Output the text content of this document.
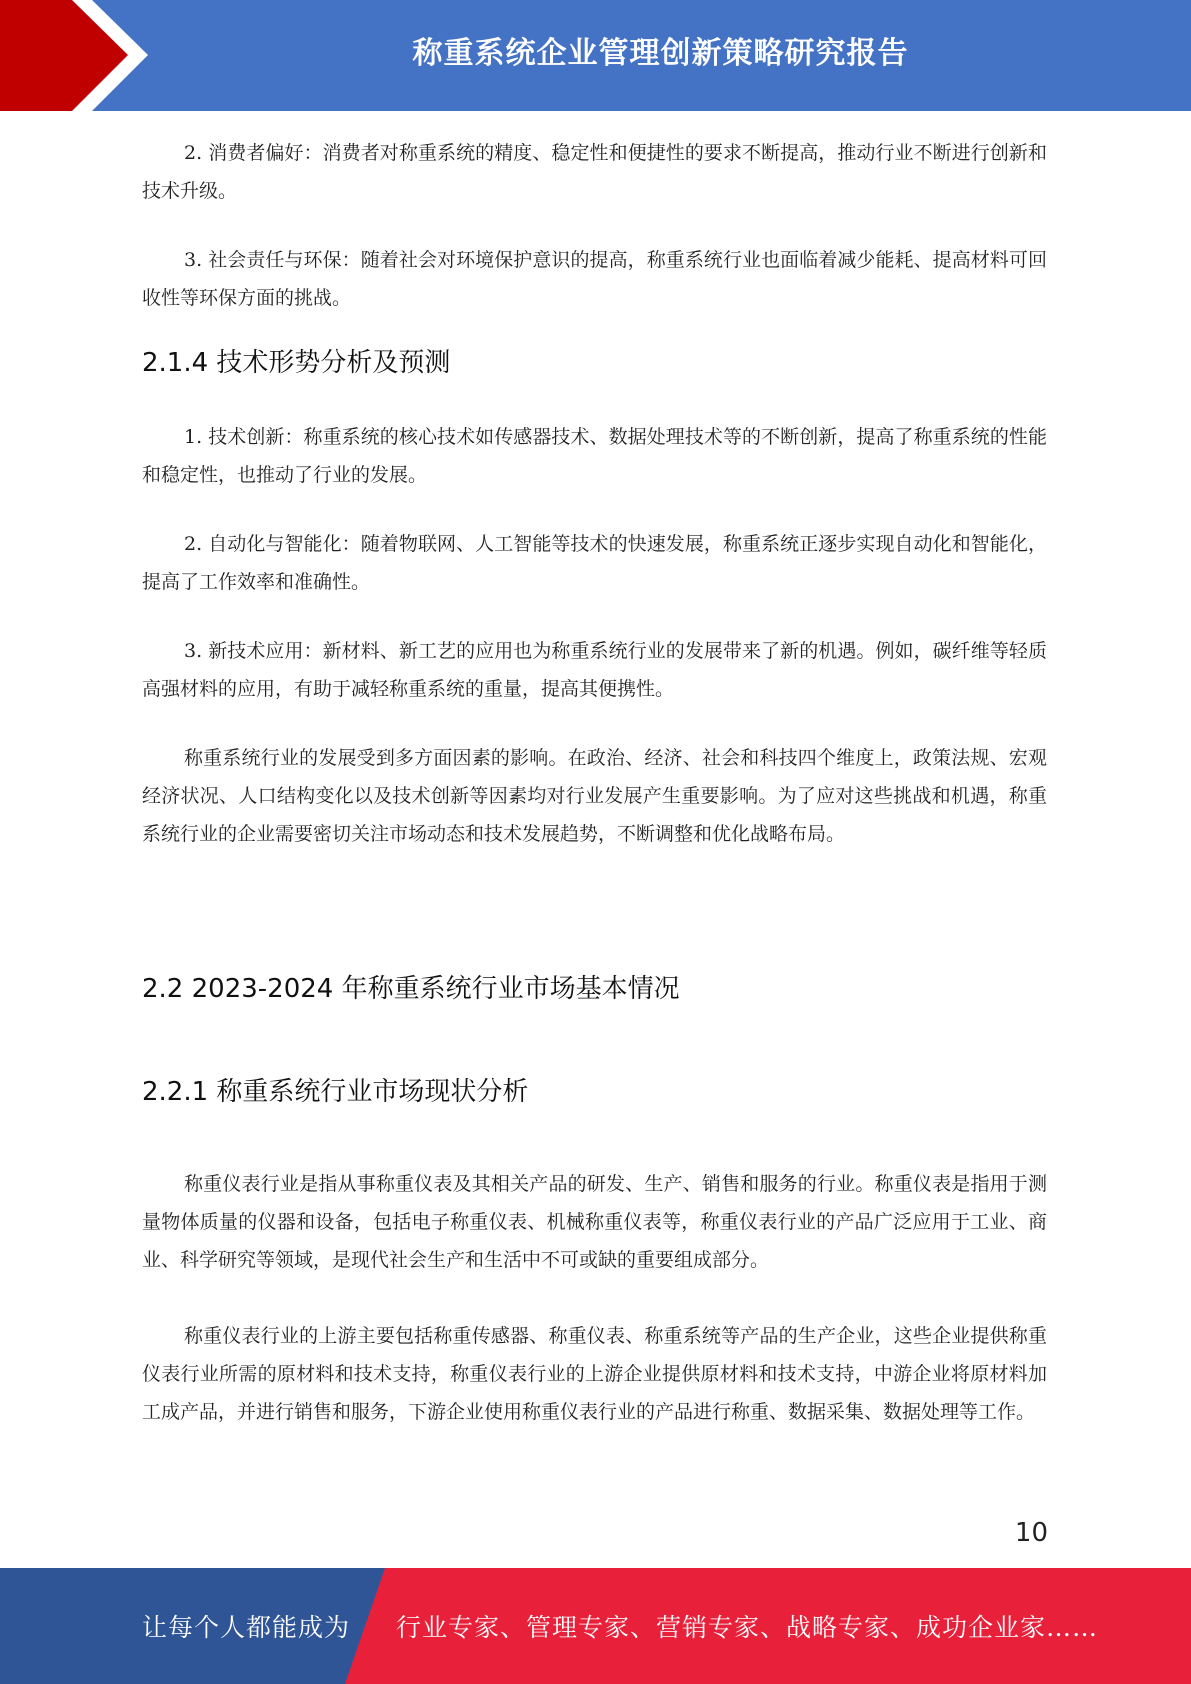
称重系统企业管理创新策略研究报告

2. 消费者偏好：消费者对称重系统的精度、稳定性和便捷性的要求不断提高，推动行业不断进行创新和技术升级。

3. 社会责任与环保：随着社会对环境保护意识的提高，称重系统行业也面临着减少能耗、提高材料可回收性等环保方面的挑战。

2.1.4 技术形势分析及预测

1. 技术创新：称重系统的核心技术如传感器技术、数据处理技术等的不断创新，提高了称重系统的性能和稳定性，也推动了行业的发展。

2. 自动化与智能化：随着物联网、人工智能等技术的快速发展，称重系统正逐步实现自动化和智能化，提高了工作效率和准确性。

3. 新技术应用：新材料、新工艺的应用也为称重系统行业的发展带来了新的机遇。例如，碳纤维等轻质高强材料的应用，有助于减轻称重系统的重量，提高其便携性。

称重系统行业的发展受到多方面因素的影响。在政治、经济、社会和科技四个维度上，政策法规、宏观经济状况、人口结构变化以及技术创新等因素均对行业发展产生重要影响。为了应对这些挑战和机遇，称重系统行业的企业需要密切关注市场动态和技术发展趋势，不断调整和优化战略布局。

2.2 2023-2024 年称重系统行业市场基本情况
2.2.1 称重系统行业市场现状分析

称重仪表行业是指从事称重仪表及其相关产品的研发、生产、销售和服务的行业。称重仪表是指用于测量物体质量的仪器和设备，包括电子称重仪表、机械称重仪表等，称重仪表行业的产品广泛应用于工业、商业、科学研究等领域，是现代社会生产和生活中不可或缺的重要组成部分。

称重仪表行业的上游主要包括称重传感器、称重仪表、称重系统等产品的生产企业，这些企业提供称重仪表行业所需的原材料和技术支持，称重仪表行业的上游企业提供原材料和技术支持，中游企业将原材料加工成产品，并进行销售和服务，下游企业使用称重仪表行业的产品进行称重、数据采集、数据处理等工作。

10
让每个人都能成为 行业专家、管理专家、营销专家、战略专家、成功企业家……
